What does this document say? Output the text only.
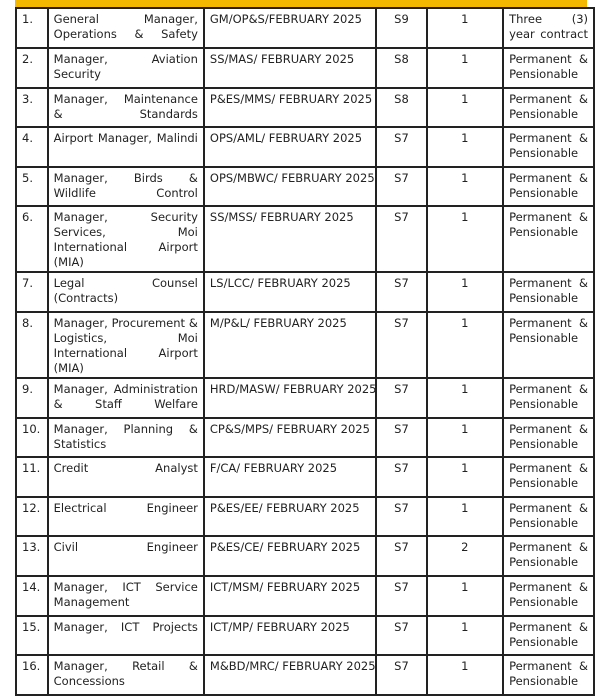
1.	General Manager, Operations & Safety	GM/OP&S/FEBRUARY 2025	S9	1	Three (3) year contract
2.	Manager, Aviation Security	SS/MAS/ FEBRUARY 2025	S8	1	Permanent & Pensionable
3.	Manager, Maintenance & Standards	P&ES/MMS/ FEBRUARY 2025	S8	1	Permanent & Pensionable
4.	Airport Manager, Malindi	OPS/AML/ FEBRUARY 2025	S7	1	Permanent & Pensionable
5.	Manager, Birds & Wildlife Control	OPS/MBWC/ FEBRUARY 2025	S7	1	Permanent & Pensionable
6.	Manager, Security Services, Moi International Airport (MIA)	SS/MSS/ FEBRUARY 2025	S7	1	Permanent & Pensionable
7.	Legal Counsel (Contracts)	LS/LCC/ FEBRUARY 2025	S7	1	Permanent & Pensionable
8.	Manager, Procurement & Logistics, Moi International Airport (MIA)	M/P&L/ FEBRUARY 2025	S7	1	Permanent & Pensionable
9.	Manager, Administration & Staff Welfare	HRD/MASW/ FEBRUARY 2025	S7	1	Permanent & Pensionable
10.	Manager, Planning & Statistics	CP&S/MPS/ FEBRUARY 2025	S7	1	Permanent & Pensionable
11.	Credit Analyst	F/CA/ FEBRUARY 2025	S7	1	Permanent & Pensionable
12.	Electrical Engineer	P&ES/EE/ FEBRUARY 2025	S7	1	Permanent & Pensionable
13.	Civil Engineer	P&ES/CE/ FEBRUARY 2025	S7	2	Permanent & Pensionable
14.	Manager, ICT Service Management	ICT/MSM/ FEBRUARY 2025	S7	1	Permanent & Pensionable
15.	Manager, ICT Projects	ICT/MP/ FEBRUARY 2025	S7	1	Permanent & Pensionable
16.	Manager, Retail & Concessions	M&BD/MRC/ FEBRUARY 2025	S7	1	Permanent & Pensionable
